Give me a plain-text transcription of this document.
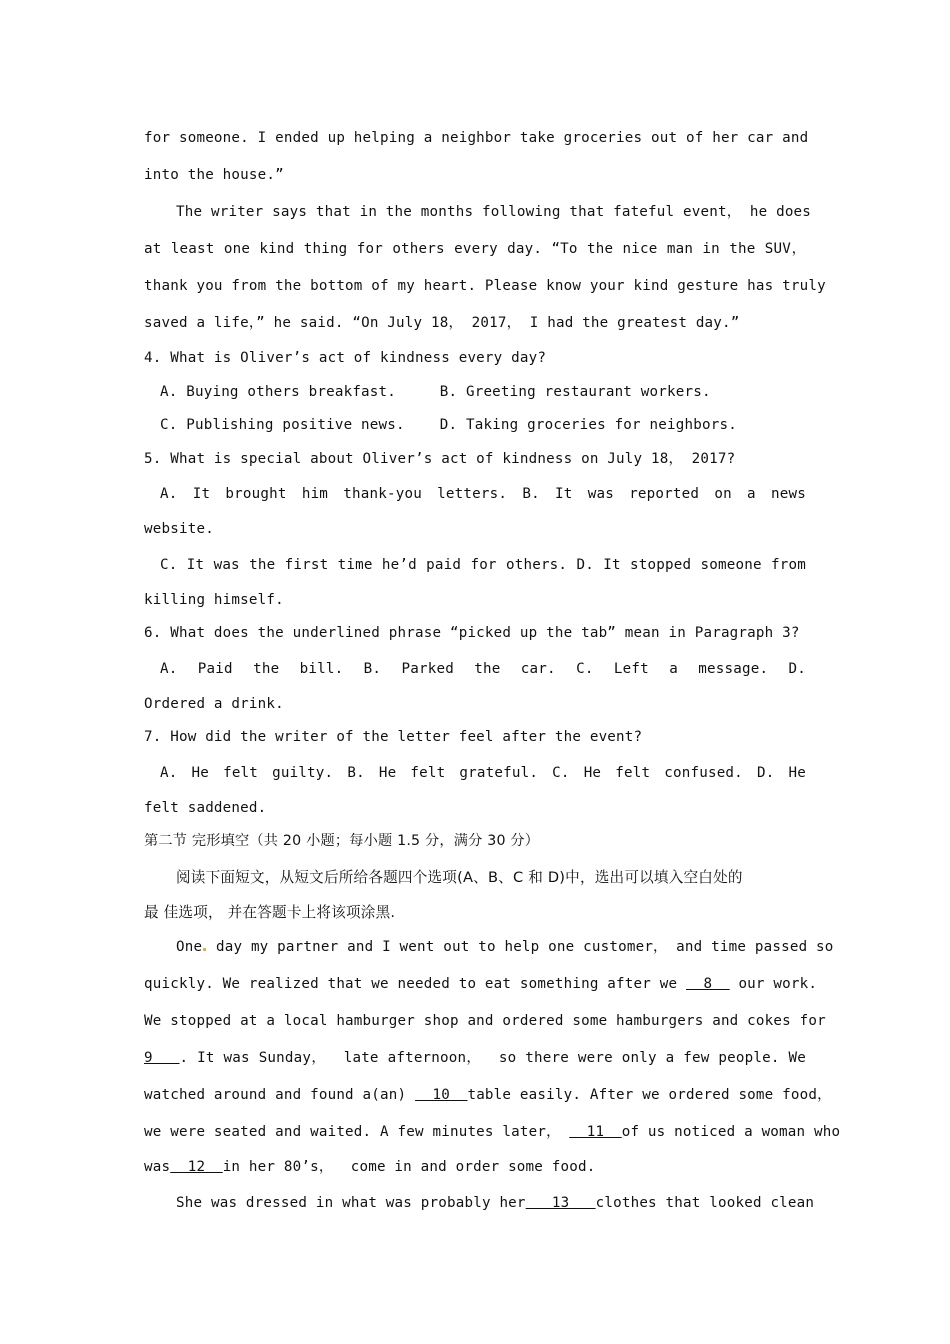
for someone. I ended up helping a neighbor take groceries out of her car and
into the house.”
The writer says that in the months following that fateful event， he does
at least one kind thing for others every day. “To the nice man in the SUV，
thank you from the bottom of my heart. Please know your kind gesture has truly
saved a life，” he said. “On July 18， 2017， I had the greatest day.”
4. What is Oliver’s act of kindness every day?
A. Buying others breakfast.     B. Greeting restaurant workers.
C. Publishing positive news.    D. Taking groceries for neighbors.
5. What is special about Oliver’s act of kindness on July 18， 2017?
A. It brought him thank-you letters. B. It was reported on a news
website.
C. It was the first time he’d paid for others. D. It stopped someone from
killing himself.
6. What does the underlined phrase “picked up the tab” mean in Paragraph 3?
A. Paid the bill. B. Parked the car. C. Left a message. D.
Ordered a drink.
7. How did the writer of the letter feel after the event?
A. He felt guilty. B. He felt grateful. C. He felt confused. D. He
felt saddened.
第二节 完形填空（共 20 小题；每小题 1.5 分，满分 30 分）
阅读下面短文，从短文后所给各题四个选项(A、B、C 和 D)中，选出可以填入空白处的
最 佳选项， 并在答题卡上将该项涂黑.
One day my partner and I went out to help one customer， and time passed so
quickly. We realized that we needed to eat something after we   8   our work.
We stopped at a local hamburger shop and ordered some hamburgers and cokes for
9   . It was Sunday，  late afternoon，  so there were only a few people. We
watched around and found a(an)   10  table easily. After we ordered some food，
we were seated and waited. A few minutes later，   11  of us noticed a woman who
was  12  in her 80’s，  come in and order some food.
She was dressed in what was probably her   13   clothes that looked clean
